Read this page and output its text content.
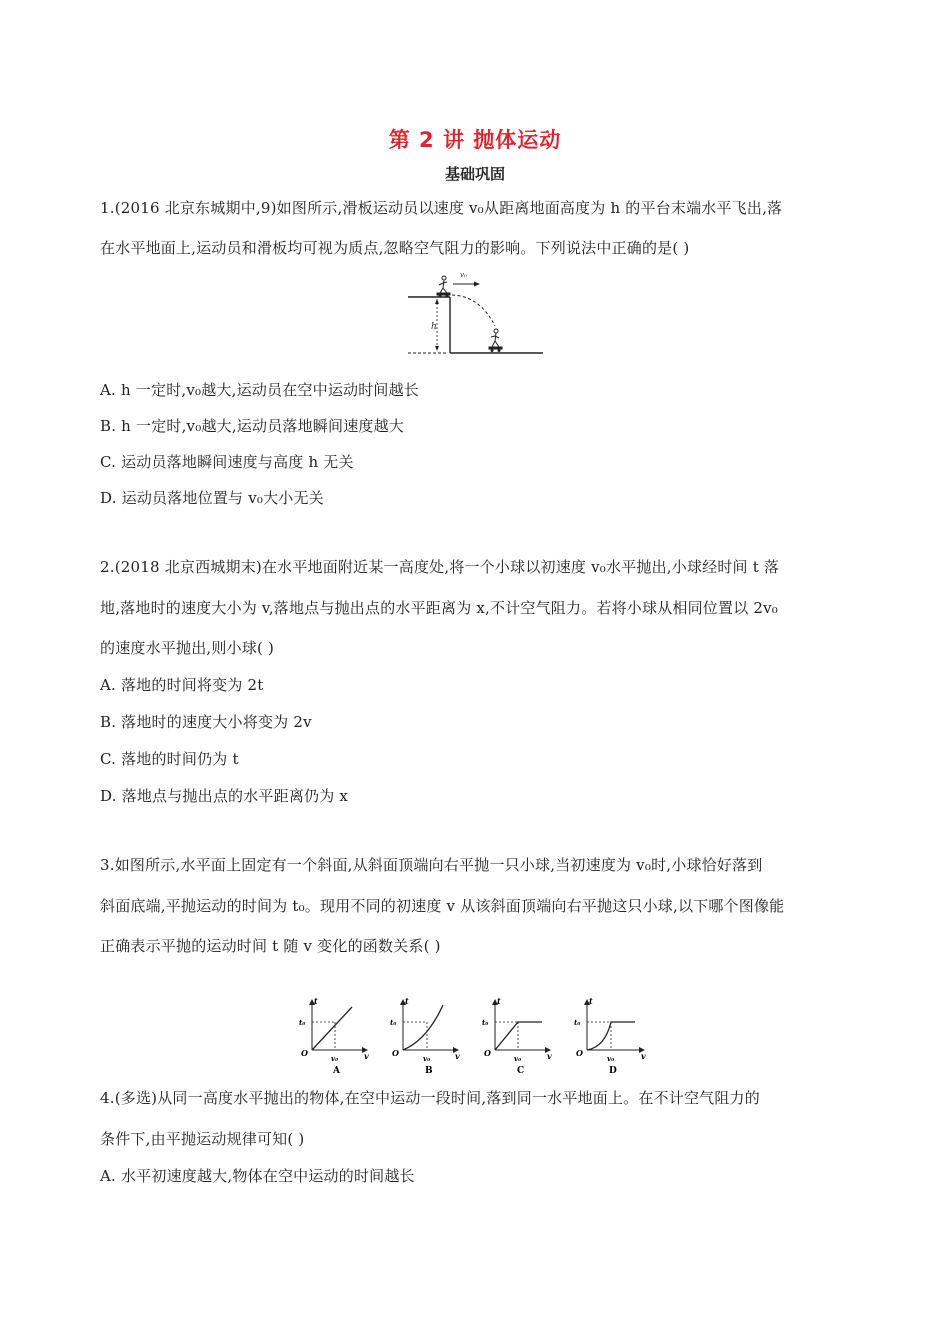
第 2 讲 抛体运动
基础巩固
1.(2016 北京东城期中,9)如图所示,滑板运动员以速度 v₀从距离地面高度为 h 的平台末端水平飞出,落
在水平地面上,运动员和滑板均可视为质点,忽略空气阻力的影响。下列说法中正确的是( )
h
v₀
A. h 一定时,v₀越大,运动员在空中运动时间越长
B. h 一定时,v₀越大,运动员落地瞬间速度越大
C. 运动员落地瞬间速度与高度 h 无关
D. 运动员落地位置与 v₀大小无关
2.(2018 北京西城期末)在水平地面附近某一高度处,将一个小球以初速度 v₀水平抛出,小球经时间 t 落
地,落地时的速度大小为 v,落地点与抛出点的水平距离为 x,不计空气阻力。若将小球从相同位置以 2v₀
的速度水平抛出,则小球( )
A. 落地的时间将变为 2t
B. 落地时的速度大小将变为 2v
C. 落地的时间仍为 t
D. 落地点与抛出点的水平距离仍为 x
3.如图所示,水平面上固定有一个斜面,从斜面顶端向右平抛一只小球,当初速度为 v₀时,小球恰好落到
斜面底端,平抛运动的时间为 t₀。现用不同的初速度 v 从该斜面顶端向右平抛这只小球,以下哪个图像能
正确表示平抛的运动时间 t 随 v 变化的函数关系( )
t
t₀
O
v₀	v
A
t
t₀
O
v₀	v
B
t
t₀
O
v₀	v
C
t
t₀
O
v₀	v
D
4.(多选)从同一高度水平抛出的物体,在空中运动一段时间,落到同一水平地面上。在不计空气阻力的
条件下,由平抛运动规律可知( )
A. 水平初速度越大,物体在空中运动的时间越长
